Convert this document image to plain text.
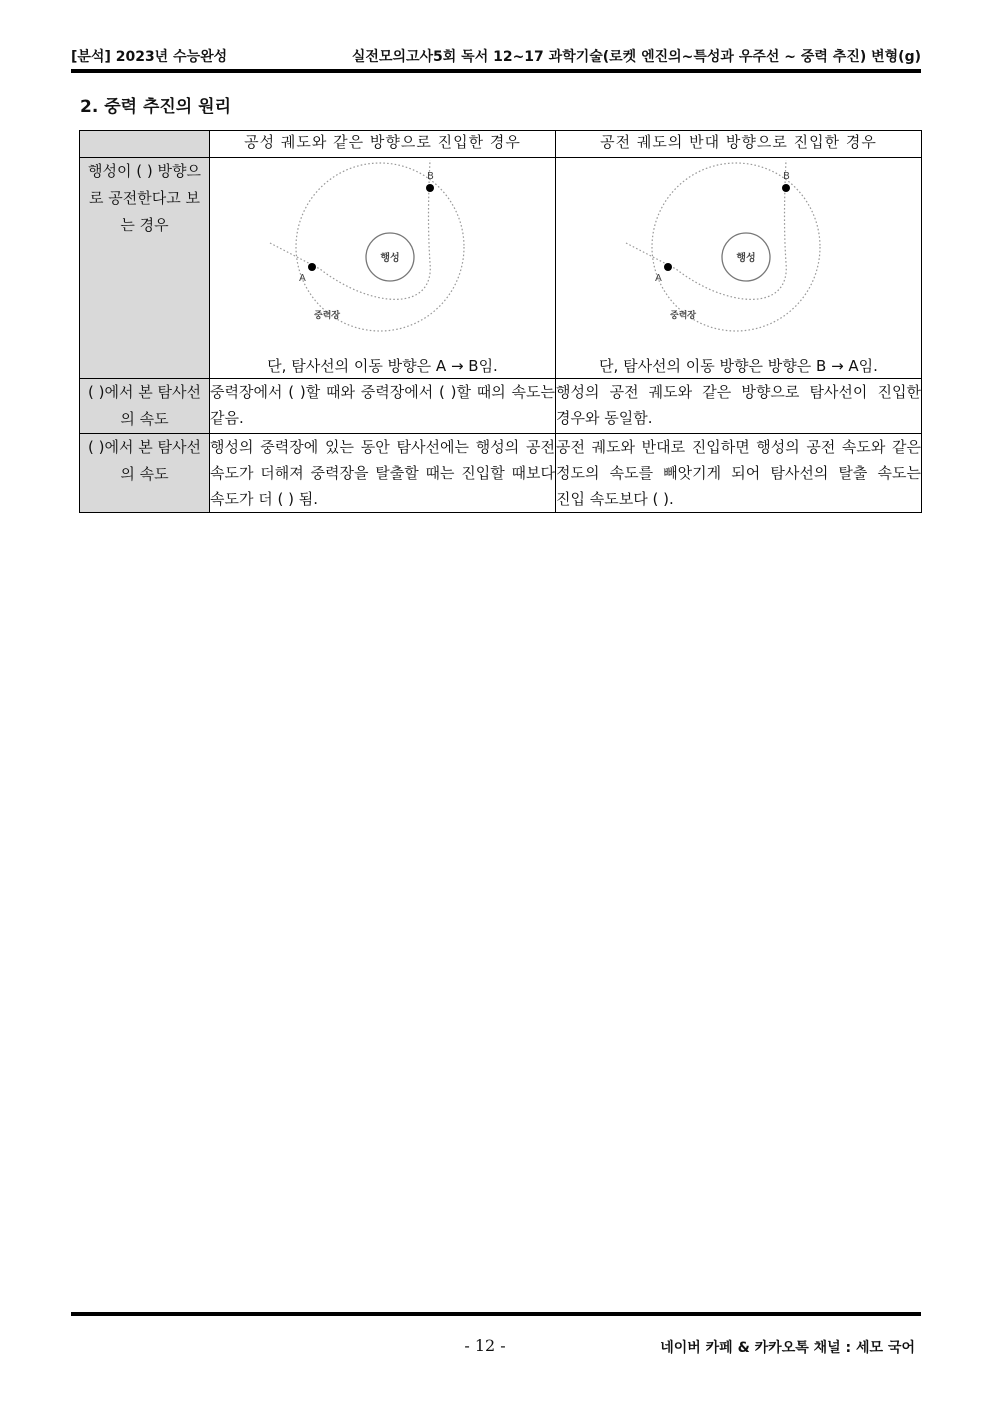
[분석] 2023년 수능완성	실전모의고사5회 독서 12~17 과학기술(로켓 엔진의~특성과 우주선 ~ 중력 추진) 변형(g)
2. 중력 추진의 원리
	공성 궤도와 같은 방향으로 진입한 경우	공전 궤도의 반대 방향으로 진입한 경우

행성이 ( ) 방향으로 공전한다고 보는 경우	행성
A
B
중력장
단, 탐사선의 이동 방향은 A → B임.	행성
A
B
중력장
단, 탐사선의 이동 방향은 방향은 B → A임.

( )에서 본 탐사선의 속도	중력장에서 ( )할 때와 중력장에서 ( )할 때의 속도는 같음.	행성의 공전 궤도와 같은 방향으로 탐사선이 진입한 경우와 동일함.

( )에서 본 탐사선의 속도	행성의 중력장에 있는 동안 탐사선에는 행성의 공전 속도가 더해져 중력장을 탈출할 때는 진입할 때보다 속도가 더 ( ) 됨.	공전 궤도와 반대로 진입하면 행성의 공전 속도와 같은 정도의 속도를 빼앗기게 되어 탐사선의 탈출 속도는 진입 속도보다 ( ).
- 12 -	네이버 카페 & 카카오톡 채널 : 세모 국어
